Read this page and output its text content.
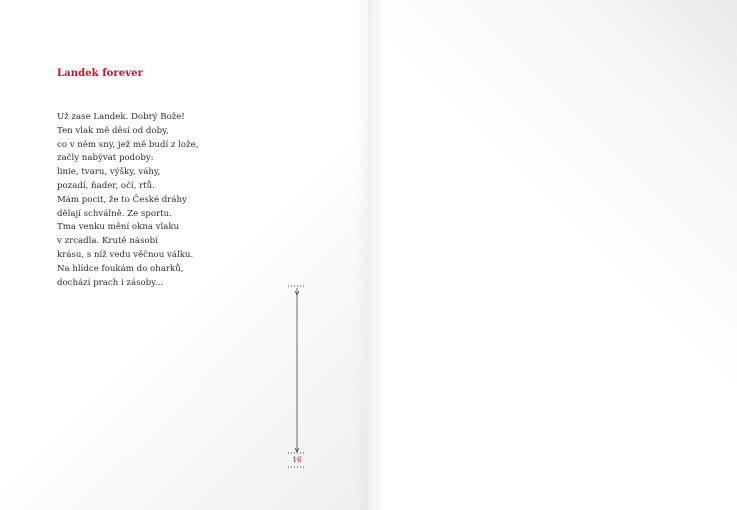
Landek forever
Už zase Landek. Dobrý Bože!
Ten vlak mě děsí od doby,
co v něm sny, jež mě budí z lože,
začly nabývat podoby:
linie, tvaru, výšky, váhy,
pozadí, ňader, očí, rtů.
Mám pocit, že to České dráhy
dělají schválně. Ze sportu.
Tma venku mění okna vlaku
v zrcadla. Krutě násobí
krásu, s níž vedu věčnou válku.
Na hlídce foukám do oharků,
dochází prach i zásoby...
16
